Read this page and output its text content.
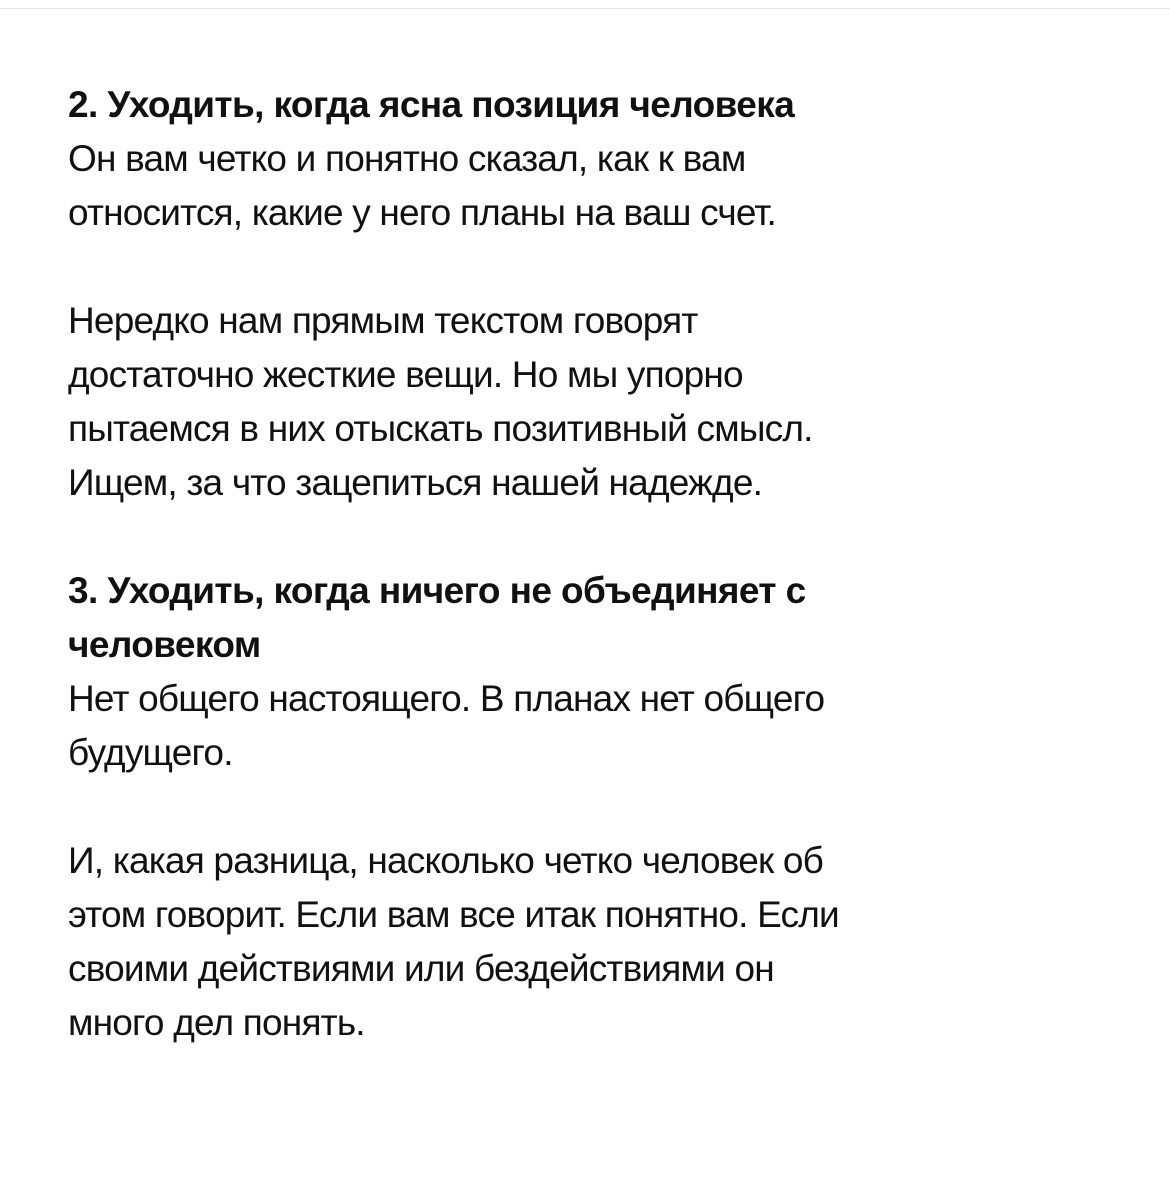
2. Уходить, когда ясна позиция человека

Он вам четко и понятно сказал, как к вам
относится, какие у него планы на ваш счет.

Нередко нам прямым текстом говорят
достаточно жесткие вещи. Но мы упорно
пытаемся в них отыскать позитивный смысл.
Ищем, за что зацепиться нашей надежде.

3. Уходить, когда ничего не объединяет с
человеком

Нет общего настоящего. В планах нет общего
будущего.

И, какая разница, насколько четко человек об
этом говорит. Если вам все итак понятно. Если
своими действиями или бездействиями он
много дел понять.
